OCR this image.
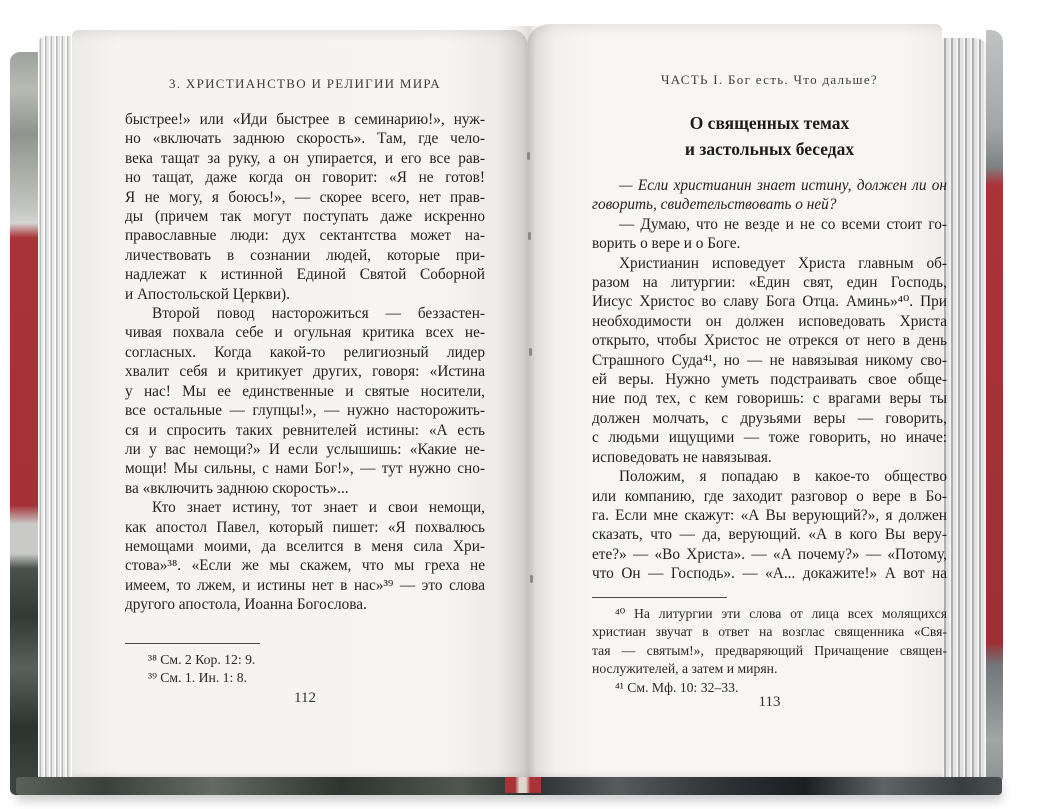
3. ХРИСТИАНСТВО И РЕЛИГИИ МИРА
быстрее!» или «Иди быстрее в семинарию!», нуж-
но «включать заднюю скорость». Там, где чело-
века тащат за руку, а он упирается, и его все рав-
но тащат, даже когда он говорит: «Я не готов!
Я не могу, я боюсь!», — скорее всего, нет прав-
ды (причем так могут поступать даже искренно
православные люди: дух сектантства может на-
личествовать в сознании людей, которые при-
надлежат к истинной Единой Святой Соборной
и Апостольской Церкви).
Второй повод насторожиться — беззастен-
чивая похвала себе и огульная критика всех не-
согласных. Когда какой-то религиозный лидер
хвалит себя и критикует других, говоря: «Истина
у нас! Мы ее единственные и святые носители,
все остальные — глупцы!», — нужно насторожить-
ся и спросить таких ревнителей истины: «А есть
ли у вас немощи?» И если услышишь: «Какие не-
мощи! Мы сильны, с нами Бог!», — тут нужно сно-
ва «включить заднюю скорость»...
Кто знает истину, тот знает и свои немощи,
как апостол Павел, который пишет: «Я похвалюсь
немощами моими, да вселится в меня сила Хри-
стова»³⁸. «Если же мы скажем, что мы греха не
имеем, то лжем, и истины нет в нас»³⁹ — это слова
другого апостола, Иоанна Богослова.
³⁸ См. 2 Кор. 12: 9.
³⁹ См. 1. Ин. 1: 8.
112
ЧАСТЬ I. Бог есть. Что дальше?
О священных темах
и застольных беседах
— Если христианин знает истину, должен ли он
говорить, свидетельствовать о ней?
— Думаю, что не везде и не со всеми стоит го-
ворить о вере и о Боге.
Христианин исповедует Христа главным об-
разом на литургии: «Един свят, един Господь,
Иисус Христос во славу Бога Отца. Аминь»⁴⁰. При
необходимости он должен исповедовать Христа
открыто, чтобы Христос не отрекся от него в день
Страшного Суда⁴¹, но — не навязывая никому сво-
ей веры. Нужно уметь подстраивать свое обще-
ние под тех, с кем говоришь: с врагами веры ты
должен молчать, с друзьями веры — говорить,
с людьми ищущими — тоже говорить, но иначе:
исповедовать не навязывая.
Положим, я попадаю в какое-то общество
или компанию, где заходит разговор о вере в Бо-
га. Если мне скажут: «А Вы верующий?», я должен
сказать, что — да, верующий. «А в кого Вы веру-
ете?» — «Во Христа». — «А почему?» — «Потому,
что Он — Господь». — «А... докажите!» А вот на
⁴⁰ На литургии эти слова от лица всех молящихся
христиан звучат в ответ на возглас священника «Свя-
тая — святым!», предваряющий Причащение священ-
нослужителей, а затем и мирян.
⁴¹ См. Мф. 10: 32–33.
113
